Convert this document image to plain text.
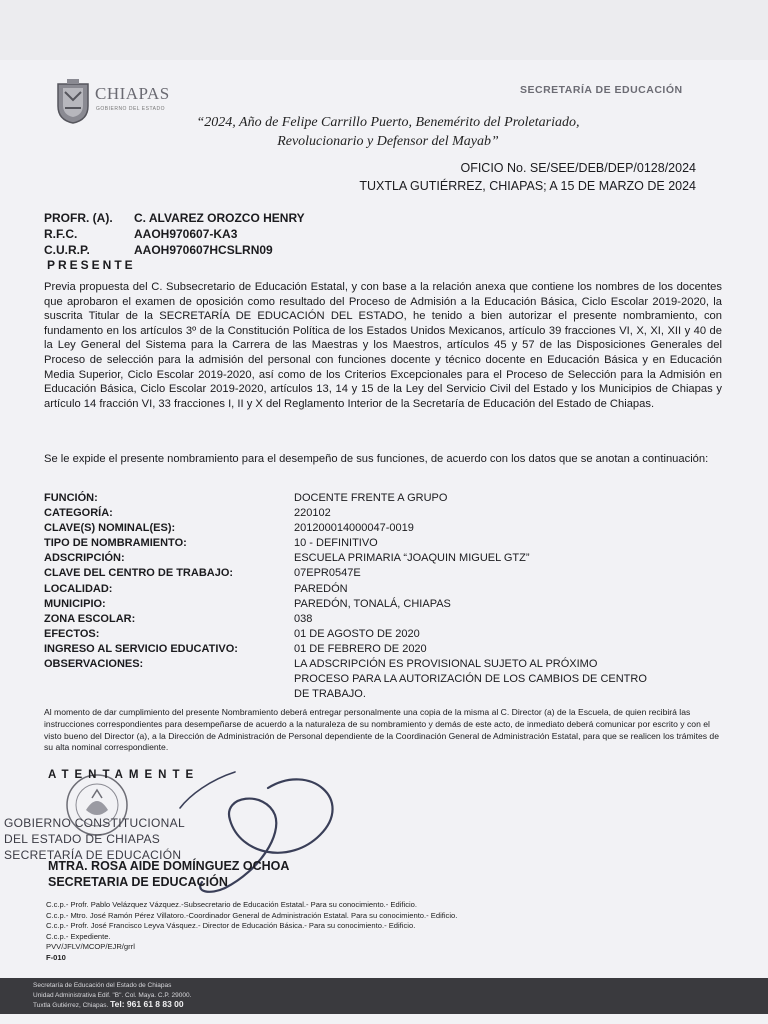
CHIAPAS
GOBIERNO DEL ESTADO
SECRETARÍA DE EDUCACIÓN
“2024, Año de Felipe Carrillo Puerto, Benemérito del Proletariado,
Revolucionario y Defensor del Mayab”
OFICIO No. SE/SEE/DEB/DEP/0128/2024
TUXTLA GUTIÉRREZ, CHIAPAS; A 15 DE MARZO DE 2024
PROFR. (A).	C. ALVAREZ OROZCO HENRY
R.F.C.	AAOH970607-KA3
C.U.R.P.	AAOH970607HCSLRN09
PRESENTE
Previa propuesta del C. Subsecretario de Educación Estatal, y con base a la relación anexa que contiene los nombres de los docentes que aprobaron el examen de oposición como resultado del Proceso de Admisión a la Educación Básica, Ciclo Escolar 2019-2020, la suscrita Titular de la SECRETARÍA DE EDUCACIÓN DEL ESTADO, he tenido a bien autorizar el presente nombramiento, con fundamento en los artículos 3º de la Constitución Política de los Estados Unidos Mexicanos, artículo 39 fracciones VI, X, XI, XII y 40 de la Ley General del Sistema para la Carrera de las Maestras y los Maestros, artículos 45 y 57 de las Disposiciones Generales del Proceso de selección para la admisión del personal con funciones docente y técnico docente en Educación Básica y en Educación Media Superior, Ciclo Escolar 2019-2020, así como de los Criterios Excepcionales para el Proceso de Selección para la Admisión en Educación Básica, Ciclo Escolar 2019-2020, artículos 13, 14 y 15 de la Ley del Servicio Civil del Estado y los Municipios de Chiapas y artículo 14 fracción VI, 33 fracciones I, II y X del Reglamento Interior de la Secretaría de Educación del Estado de Chiapas.
Se le expide el presente nombramiento para el desempeño de sus funciones, de acuerdo con los datos que se anotan a continuación:
FUNCIÓN:	DOCENTE FRENTE A GRUPO
CATEGORÍA:	220102
CLAVE(S) NOMINAL(ES):	201200014000047-0019
TIPO DE NOMBRAMIENTO:	10 - DEFINITIVO
ADSCRIPCIÓN:	ESCUELA PRIMARIA “JOAQUIN MIGUEL GTZ”
CLAVE DEL CENTRO DE TRABAJO:	07EPR0547E
LOCALIDAD:	PAREDÓN
MUNICIPIO:	PAREDÓN, TONALÁ, CHIAPAS
ZONA ESCOLAR:	038
EFECTOS:	01 DE AGOSTO DE 2020
INGRESO AL SERVICIO EDUCATIVO:	01 DE FEBRERO DE 2020
OBSERVACIONES:	LA ADSCRIPCIÓN ES PROVISIONAL SUJETO AL PRÓXIMO PROCESO PARA LA AUTORIZACIÓN DE LOS CAMBIOS DE CENTRO DE TRABAJO.
Al momento de dar cumplimiento del presente Nombramiento deberá entregar personalmente una copia de la misma al C. Director (a) de la Escuela, de quien recibirá las instrucciones correspondientes para desempeñarse de acuerdo a la naturaleza de su nombramiento y demás de este acto, de inmediato deberá comunicar por escrito y con el visto bueno del Director (a), a la Dirección de Administración de Personal dependiente de la Coordinación General de Administración Estatal, para que se realicen los trámites de su alta nominal correspondiente.
ATENTAMENTE
GOBIERNO CONSTITUCIONAL
DEL ESTADO DE CHIAPAS
SECRETARÍA DE EDUCACIÓN
MTRA. ROSA AIDE DOMÍNGUEZ OCHOA
SECRETARIA DE EDUCACIÓN
C.c.p.- Profr. Pablo Velázquez Vázquez.-Subsecretario de Educación Estatal.- Para su conocimiento.- Edificio.
C.c.p.- Mtro. José Ramón Pérez Villatoro.-Coordinador General de Administración Estatal. Para su conocimiento.- Edificio.
C.c.p.- Profr. José Francisco Leyva Vásquez.- Director de Educación Básica.- Para su conocimiento.- Edificio.
C.c.p.- Expediente.
PVV/JFLV/MCOP/EJR/grrl
F-010
Secretaría de Educación del Estado de Chiapas
Unidad Administrativa Edif. "B". Col. Maya. C.P. 29000.
Tuxtla Gutiérrez, Chiapas. Tel: 961 61 8 83 00
